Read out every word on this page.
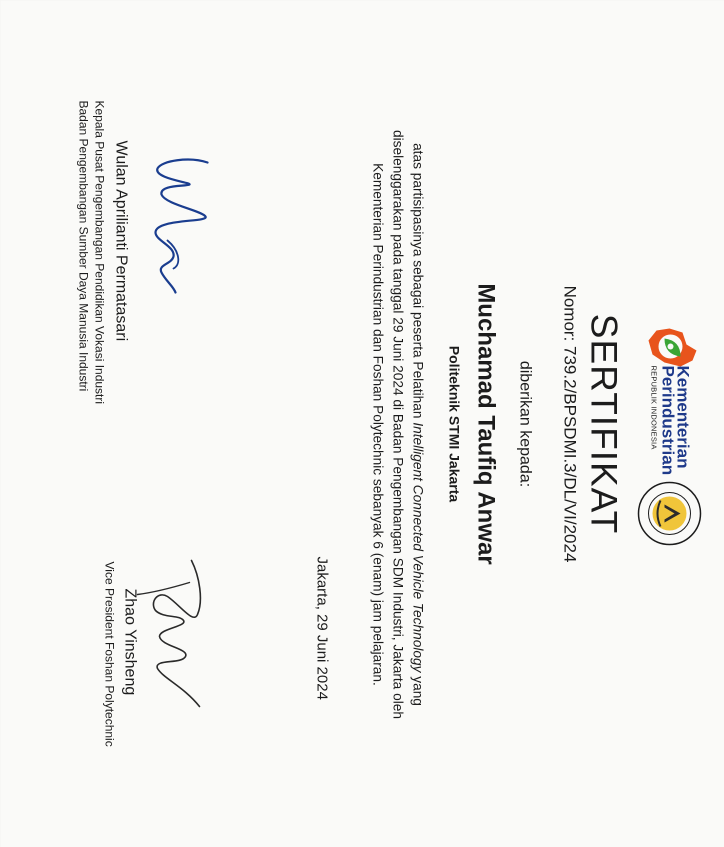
Kementerian
Perindustrian
REPUBLIK INDONESIA
SERTIFIKAT
Nomor: 739.2/BPSDMI.3/DL/VI/2024
diberikan kepada:
Muchamad Taufiq Anwar
Politeknik STMI Jakarta
atas partisipasinya sebagai peserta Pelatihan Intelligent Connected Vehicle Technology yang diselenggarakan pada tanggal 29 Juni 2024 di Badan Pengembangan SDM Industri, Jakarta oleh Kementerian Perindustrian dan Foshan Polytechnic sebanyak 6 (enam) jam pelajaran.
Jakarta, 29 Juni 2024
Wulan Aprilianti Permatasari
Kepala Pusat Pengembangan Pendidikan Vokasi Industri
Badan Pengembangan Sumber Daya Manusia Industri
Zhao Yinsheng
Vice President Foshan Polytechnic
